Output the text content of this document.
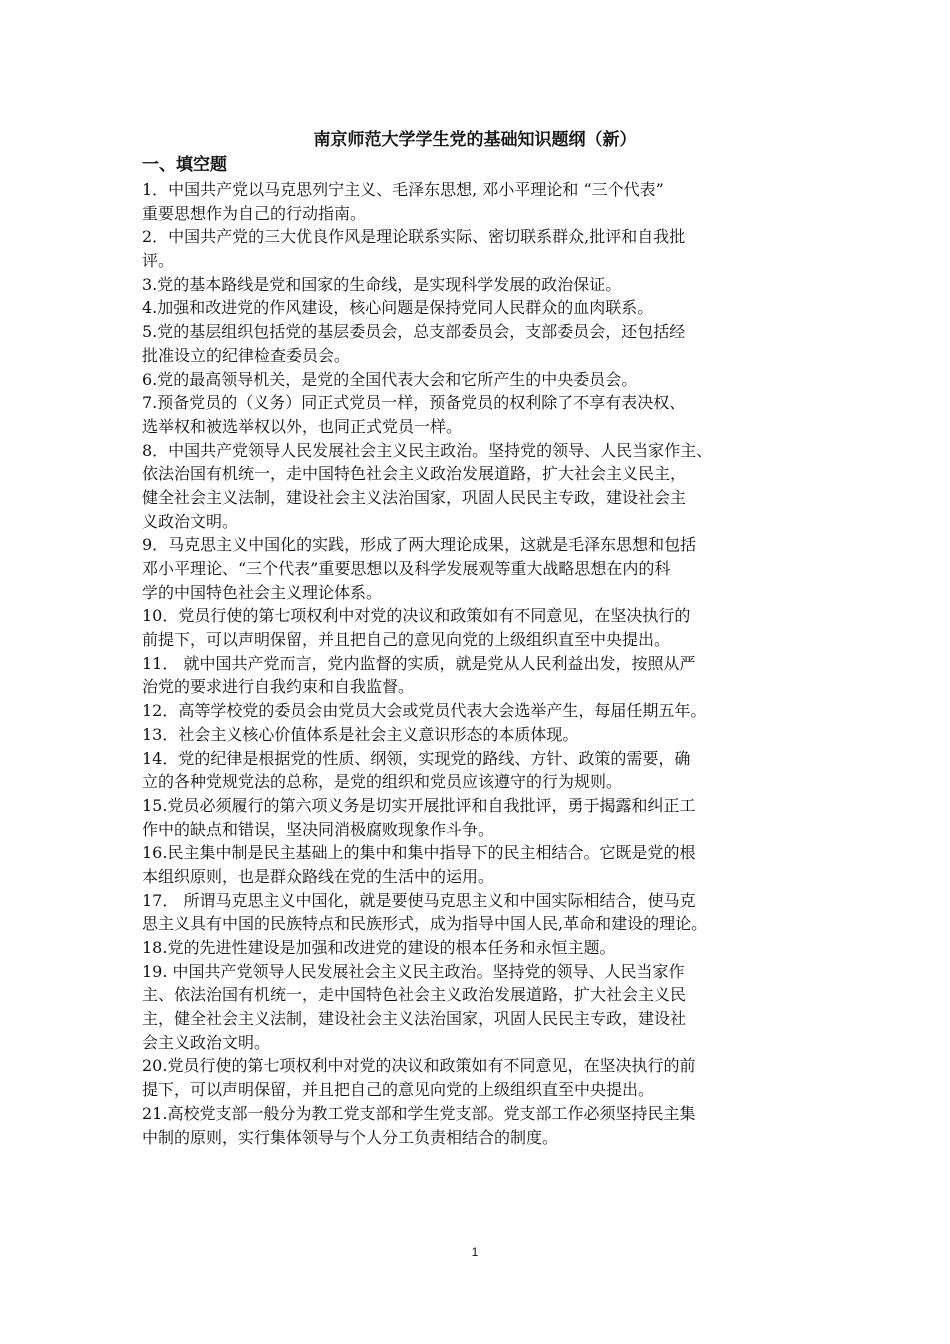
南京师范大学学生党的基础知识题纲（新）
一、填空题
1．中国共产党以马克思列宁主义、毛泽东思想, 邓小平理论和 “三个代表”
重要思想作为自己的行动指南。
2．中国共产党的三大优良作风是理论联系实际、密切联系群众,批评和自我批
评。
3.党的基本路线是党和国家的生命线，是实现科学发展的政治保证。
4.加强和改进党的作风建设，核心问题是保持党同人民群众的血肉联系。
5.党的基层组织包括党的基层委员会，总支部委员会，支部委员会，还包括经
批准设立的纪律检查委员会。
6.党的最高领导机关，是党的全国代表大会和它所产生的中央委员会。
7.预备党员的（义务）同正式党员一样，预备党员的权利除了不享有表决权、
选举权和被选举权以外，也同正式党员一样。
8．中国共产党领导人民发展社会主义民主政治。坚持党的领导、人民当家作主、
依法治国有机统一，走中国特色社会主义政治发展道路，扩大社会主义民主，
健全社会主义法制，建设社会主义法治国家，巩固人民民主专政，建设社会主
义政治文明。
9．马克思主义中国化的实践，形成了两大理论成果，这就是毛泽东思想和包括
邓小平理论、“三个代表”重要思想以及科学发展观等重大战略思想在内的科
学的中国特色社会主义理论体系。
10．党员行使的第七项权利中对党的决议和政策如有不同意见，在坚决执行的
前提下，可以声明保留，并且把自己的意见向党的上级组织直至中央提出。
11． 就中国共产党而言，党内监督的实质，就是党从人民利益出发，按照从严
治党的要求进行自我约束和自我监督。
12．高等学校党的委员会由党员大会或党员代表大会选举产生，每届任期五年。
13．社会主义核心价值体系是社会主义意识形态的本质体现。
14．党的纪律是根据党的性质、纲领，实现党的路线、方针、政策的需要，确
立的各种党规党法的总称，是党的组织和党员应该遵守的行为规则。
15.党员必须履行的第六项义务是切实开展批评和自我批评，勇于揭露和纠正工
作中的缺点和错误，坚决同消极腐败现象作斗争。
16.民主集中制是民主基础上的集中和集中指导下的民主相结合。它既是党的根
本组织原则，也是群众路线在党的生活中的运用。
17． 所谓马克思主义中国化，就是要使马克思主义和中国实际相结合，使马克
思主义具有中国的民族特点和民族形式，成为指导中国人民,革命和建设的理论。
18.党的先进性建设是加强和改进党的建设的根本任务和永恒主题。
19. 中国共产党领导人民发展社会主义民主政治。坚持党的领导、人民当家作
主、依法治国有机统一，走中国特色社会主义政治发展道路，扩大社会主义民
主，健全社会主义法制，建设社会主义法治国家，巩固人民民主专政，建设社
会主义政治文明。
20.党员行使的第七项权利中对党的决议和政策如有不同意见，在坚决执行的前
提下，可以声明保留，并且把自己的意见向党的上级组织直至中央提出。
21.高校党支部一般分为教工党支部和学生党支部。党支部工作必须坚持民主集
中制的原则，实行集体领导与个人分工负责相结合的制度。
1
